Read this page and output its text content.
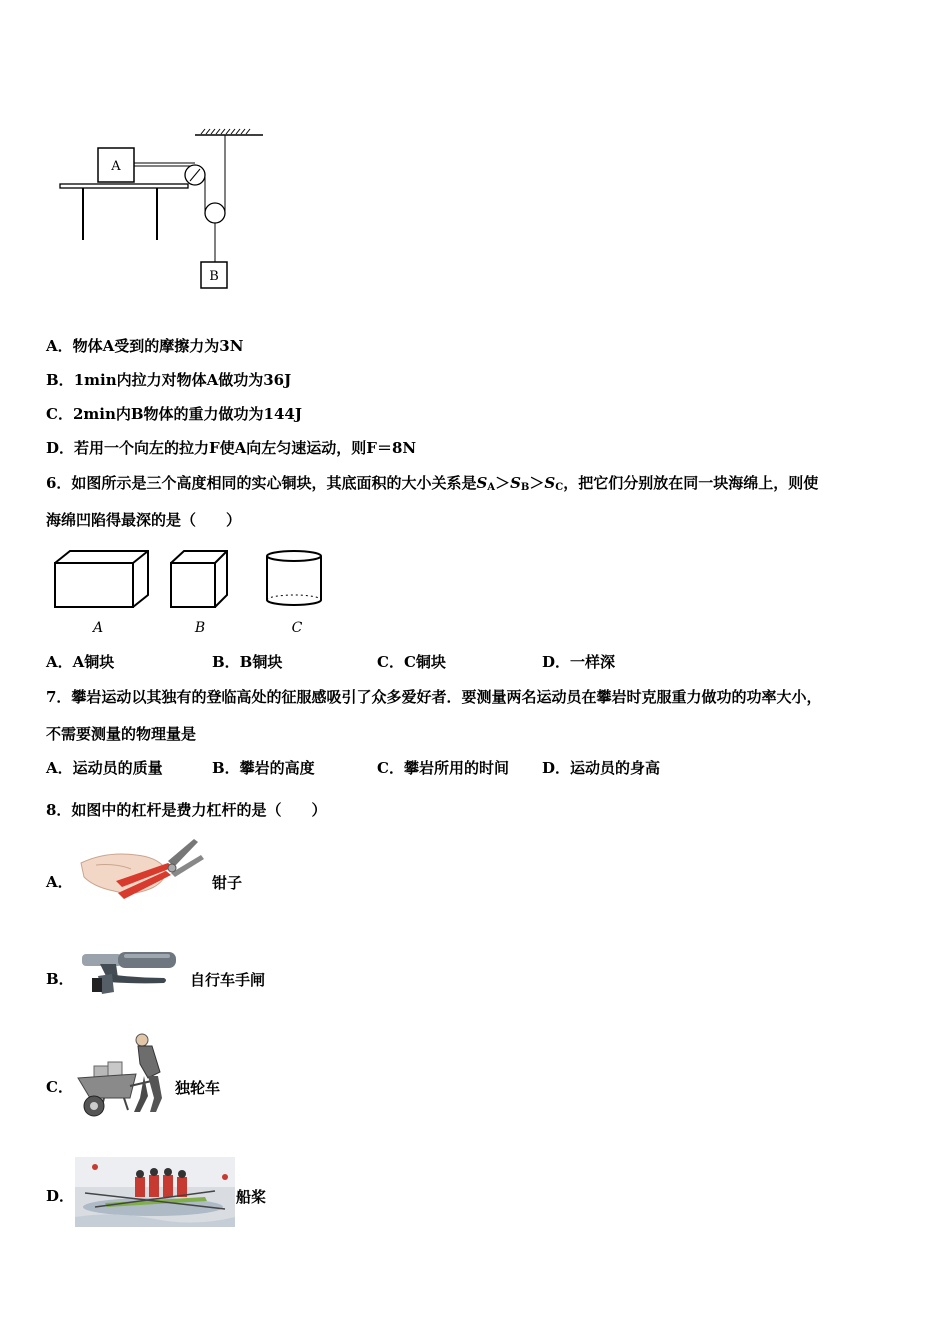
A
B
A．物体A受到的摩擦力为3N
B．1min内拉力对物体A做功为36J
C．2min内B物体的重力做功为144J
D．若用一个向左的拉力F使A向左匀速运动，则F＝8N
6．如图所示是三个高度相同的实心铜块，其底面积的大小关系是$S_A>S_B>S_C$，把它们分别放在同一块海绵上，则使
海绵凹陷得最深的是（　　）
A	B	C
A．A铜块	B．B铜块	C．C铜块	D．一样深
7．攀岩运动以其独有的登临高处的征服感吸引了众多爱好者．要测量两名运动员在攀岩时克服重力做功的功率大小，
不需要测量的物理量是
A．运动员的质量	B．攀岩的高度	C．攀岩所用的时间 D．运动员的身高
8．如图中的杠杆是费力杠杆的是（　　）
A．	钳子
B．	自行车手闸
C．	独轮车
D．	船桨
